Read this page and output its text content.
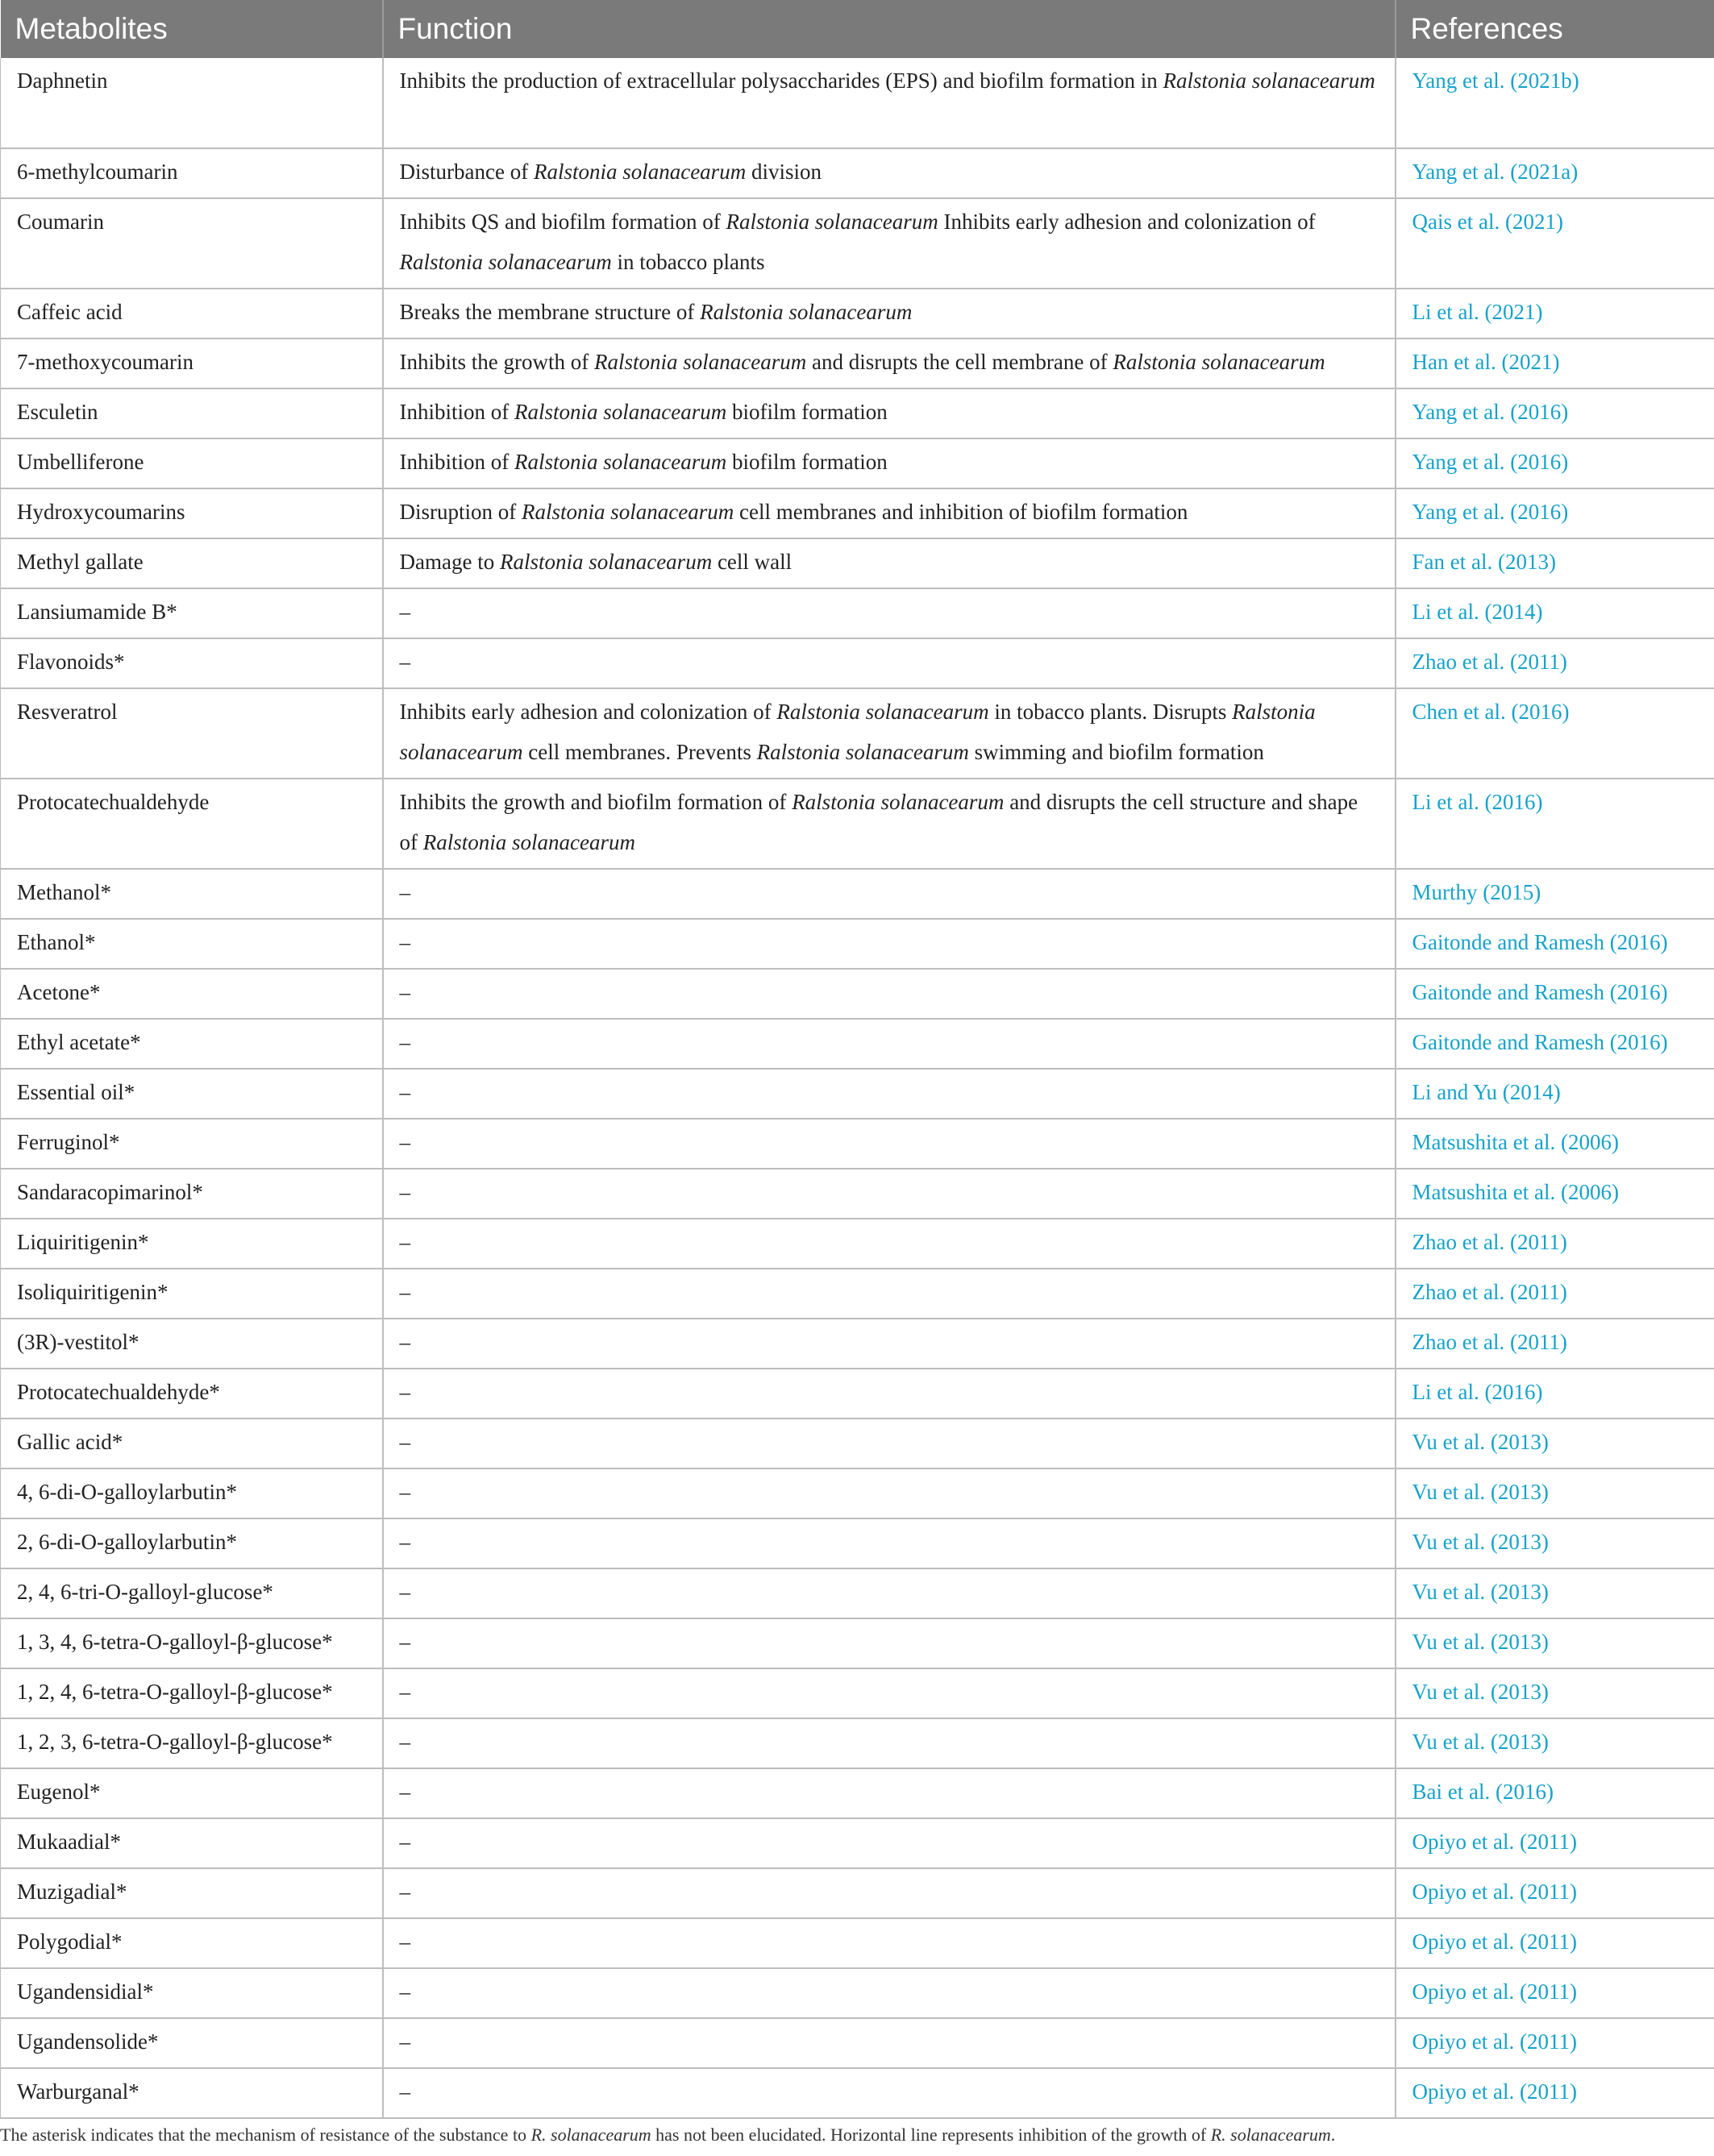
Metabolites	Function	References
Daphnetin	Inhibits the production of extracellular polysaccharides (EPS) and biofilm formation in Ralstonia solanacearum	Yang et al. (2021b)
6-methylcoumarin	Disturbance of Ralstonia solanacearum division	Yang et al. (2021a)
Coumarin	Inhibits QS and biofilm formation of Ralstonia solanacearum Inhibits early adhesion and colonization of Ralstonia solanacearum in tobacco plants	Qais et al. (2021)
Caffeic acid	Breaks the membrane structure of Ralstonia solanacearum	Li et al. (2021)
7-methoxycoumarin	Inhibits the growth of Ralstonia solanacearum and disrupts the cell membrane of Ralstonia solanacearum	Han et al. (2021)
Esculetin	Inhibition of Ralstonia solanacearum biofilm formation	Yang et al. (2016)
Umbelliferone	Inhibition of Ralstonia solanacearum biofilm formation	Yang et al. (2016)
Hydroxycoumarins	Disruption of Ralstonia solanacearum cell membranes and inhibition of biofilm formation	Yang et al. (2016)
Methyl gallate	Damage to Ralstonia solanacearum cell wall	Fan et al. (2013)
Lansiumamide B*	–	Li et al. (2014)
Flavonoids*	–	Zhao et al. (2011)
Resveratrol	Inhibits early adhesion and colonization of Ralstonia solanacearum in tobacco plants. Disrupts Ralstonia solanacearum cell membranes. Prevents Ralstonia solanacearum swimming and biofilm formation	Chen et al. (2016)
Protocatechualdehyde	Inhibits the growth and biofilm formation of Ralstonia solanacearum and disrupts the cell structure and shape of Ralstonia solanacearum	Li et al. (2016)
Methanol*	–	Murthy (2015)
Ethanol*	–	Gaitonde and Ramesh (2016)
Acetone*	–	Gaitonde and Ramesh (2016)
Ethyl acetate*	–	Gaitonde and Ramesh (2016)
Essential oil*	–	Li and Yu (2014)
Ferruginol*	–	Matsushita et al. (2006)
Sandaracopimarinol*	–	Matsushita et al. (2006)
Liquiritigenin*	–	Zhao et al. (2011)
Isoliquiritigenin*	–	Zhao et al. (2011)
(3R)-vestitol*	–	Zhao et al. (2011)
Protocatechualdehyde*	–	Li et al. (2016)
Gallic acid*	–	Vu et al. (2013)
4, 6-di-O-galloylarbutin*	–	Vu et al. (2013)
2, 6-di-O-galloylarbutin*	–	Vu et al. (2013)
2, 4, 6-tri-O-galloyl-glucose*	–	Vu et al. (2013)
1, 3, 4, 6-tetra-O-galloyl-β-glucose*	–	Vu et al. (2013)
1, 2, 4, 6-tetra-O-galloyl-β-glucose*	–	Vu et al. (2013)
1, 2, 3, 6-tetra-O-galloyl-β-glucose*	–	Vu et al. (2013)
Eugenol*	–	Bai et al. (2016)
Mukaadial*	–	Opiyo et al. (2011)
Muzigadial*	–	Opiyo et al. (2011)
Polygodial*	–	Opiyo et al. (2011)
Ugandensidial*	–	Opiyo et al. (2011)
Ugandensolide*	–	Opiyo et al. (2011)
Warburganal*	–	Opiyo et al. (2011)
The asterisk indicates that the mechanism of resistance of the substance to R. solanacearum has not been elucidated. Horizontal line represents inhibition of the growth of R. solanacearum.
